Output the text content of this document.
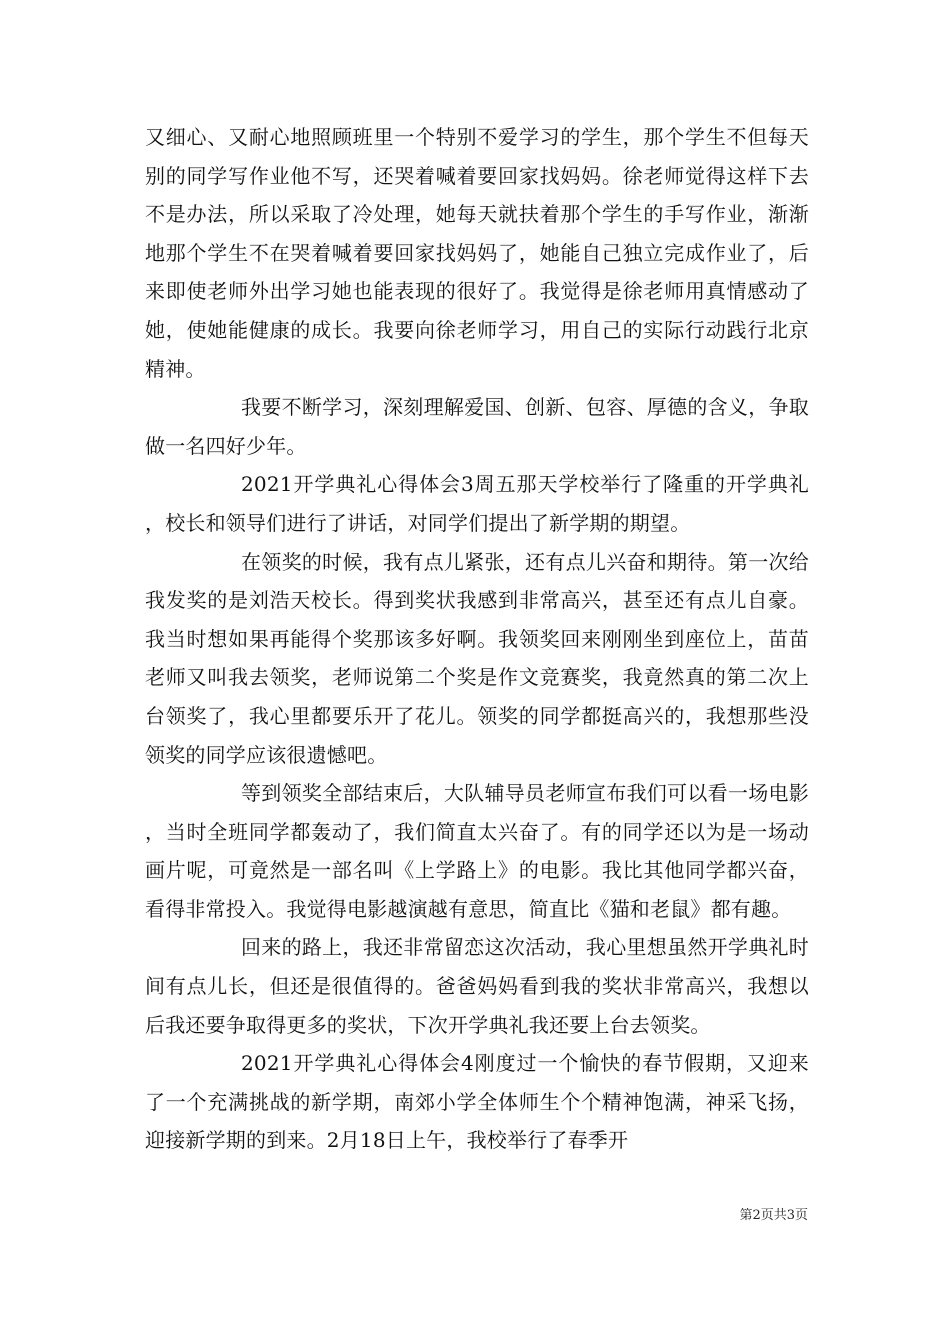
又细心、又耐心地照顾班里一个特别不爱学习的学生，那个学生不但每天别的同学写作业他不写，还哭着喊着要回家找妈妈。徐老师觉得这样下去不是办法，所以采取了冷处理，她每天就扶着那个学生的手写作业，渐渐地那个学生不在哭着喊着要回家找妈妈了，她能自己独立完成作业了，后来即使老师外出学习她也能表现的很好了。我觉得是徐老师用真情感动了她，使她能健康的成长。我要向徐老师学习，用自己的实际行动践行北京精神。

我要不断学习，深刻理解爱国、创新、包容、厚德的含义，争取做一名四好少年。

2021开学典礼心得体会3周五那天学校举行了隆重的开学典礼，校长和领导们进行了讲话，对同学们提出了新学期的期望。

在领奖的时候，我有点儿紧张，还有点儿兴奋和期待。第一次给我发奖的是刘浩天校长。得到奖状我感到非常高兴，甚至还有点儿自豪。我当时想如果再能得个奖那该多好啊。我领奖回来刚刚坐到座位上，苗苗老师又叫我去领奖，老师说第二个奖是作文竞赛奖，我竟然真的第二次上台领奖了，我心里都要乐开了花儿。领奖的同学都挺高兴的，我想那些没领奖的同学应该很遗憾吧。

等到领奖全部结束后，大队辅导员老师宣布我们可以看一场电影，当时全班同学都轰动了，我们简直太兴奋了。有的同学还以为是一场动画片呢，可竟然是一部名叫《上学路上》的电影。我比其他同学都兴奋，看得非常投入。我觉得电影越演越有意思，简直比《猫和老鼠》都有趣。

回来的路上，我还非常留恋这次活动，我心里想虽然开学典礼时间有点儿长，但还是很值得的。爸爸妈妈看到我的奖状非常高兴，我想以后我还要争取得更多的奖状，下次开学典礼我还要上台去领奖。

2021开学典礼心得体会4刚度过一个愉快的春节假期，又迎来了一个充满挑战的新学期，南郊小学全体师生个个精神饱满，神采飞扬，迎接新学期的到来。2月18日上午，我校举行了春季开

第2页共3页
